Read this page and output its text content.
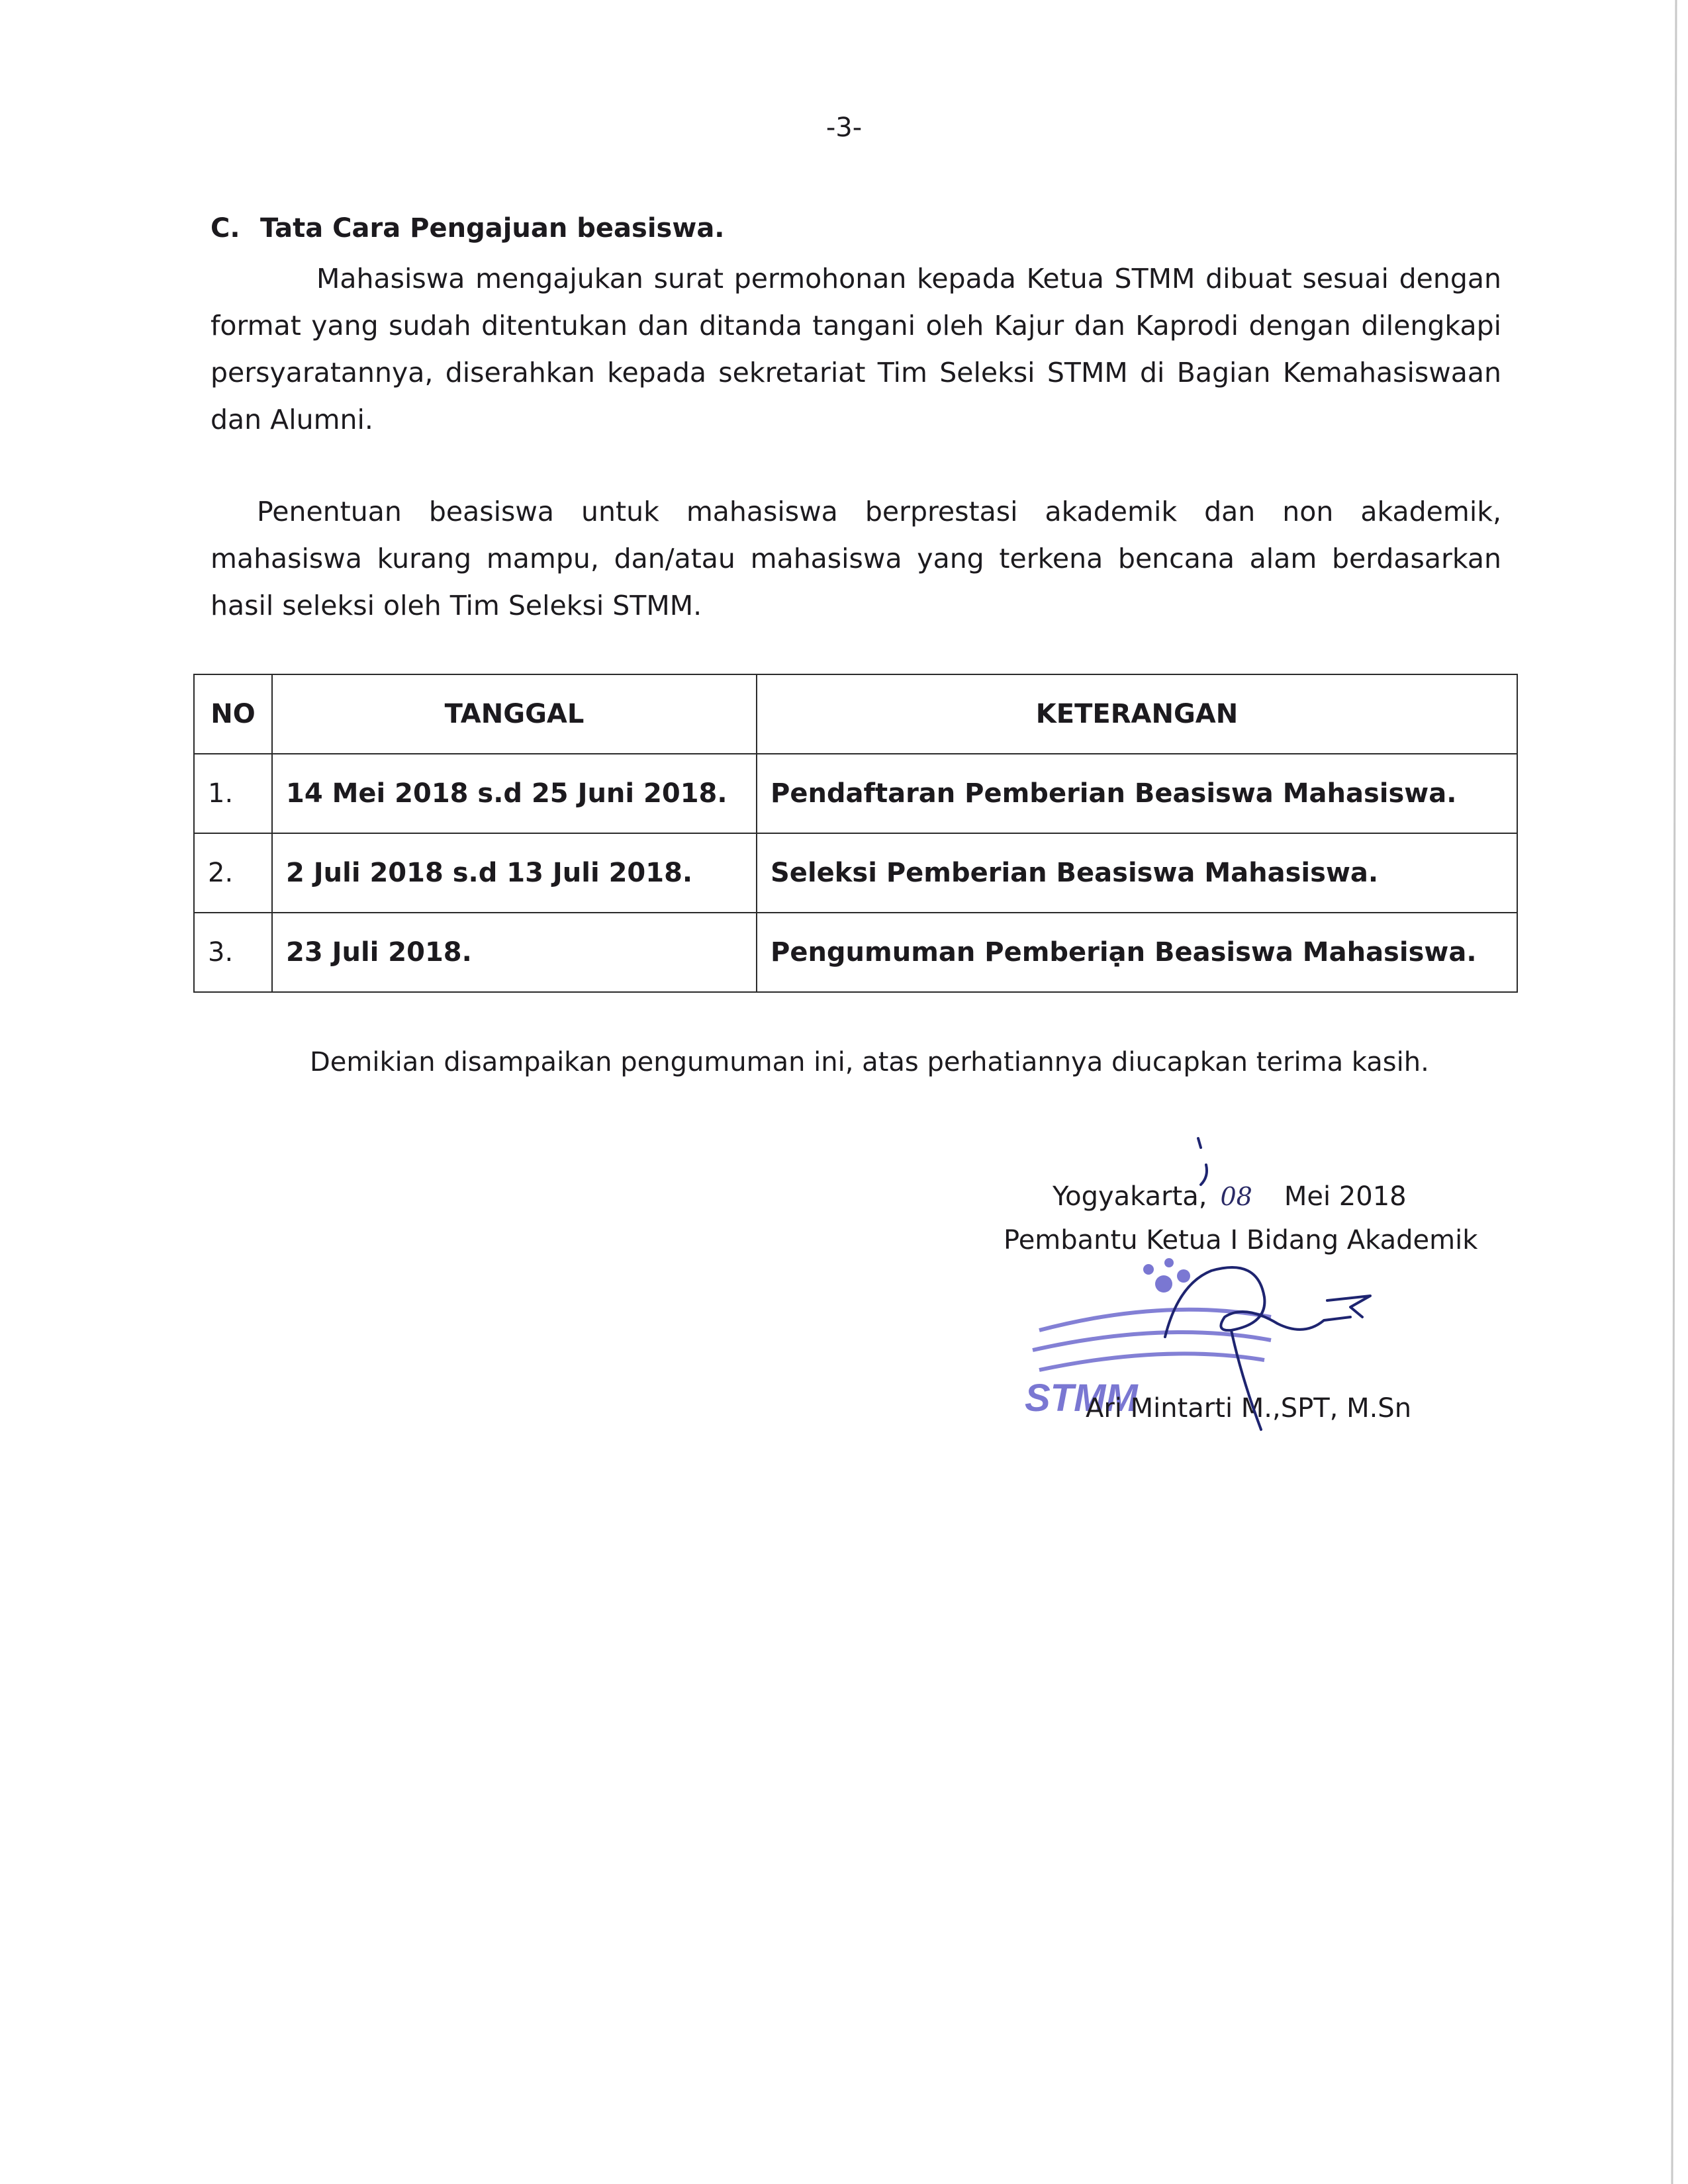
-3-
C. Tata Cara Pengajuan beasiswa.
Mahasiswa mengajukan surat permohonan kepada Ketua STMM dibuat sesuai dengan format yang sudah ditentukan dan ditanda tangani oleh Kajur dan Kaprodi dengan dilengkapi persyaratannya, diserahkan kepada sekretariat Tim Seleksi STMM di Bagian Kemahasiswaan dan Alumni.
Penentuan beasiswa untuk mahasiswa berprestasi akademik dan non akademik, mahasiswa kurang mampu, dan/atau mahasiswa yang terkena bencana alam berdasarkan hasil seleksi oleh Tim Seleksi STMM.
NO	TANGGAL	KETERANGAN
1.	14 Mei 2018 s.d 25 Juni 2018.	Pendaftaran Pemberian Beasiswa Mahasiswa.
2.	2 Juli 2018 s.d 13 Juli 2018.	Seleksi Pemberian Beasiswa Mahasiswa.
3.	23 Juli 2018.	Pengumuman Pemberiạn Beasiswa Mahasiswa.
Demikian disampaikan pengumuman ini, atas perhatiannya diucapkan terima kasih.
STMM
Yogyakarta, 08 Mei 2018
Pembantu Ketua I Bidang Akademik
Ari Mintarti M.,SPT, M.Sn
